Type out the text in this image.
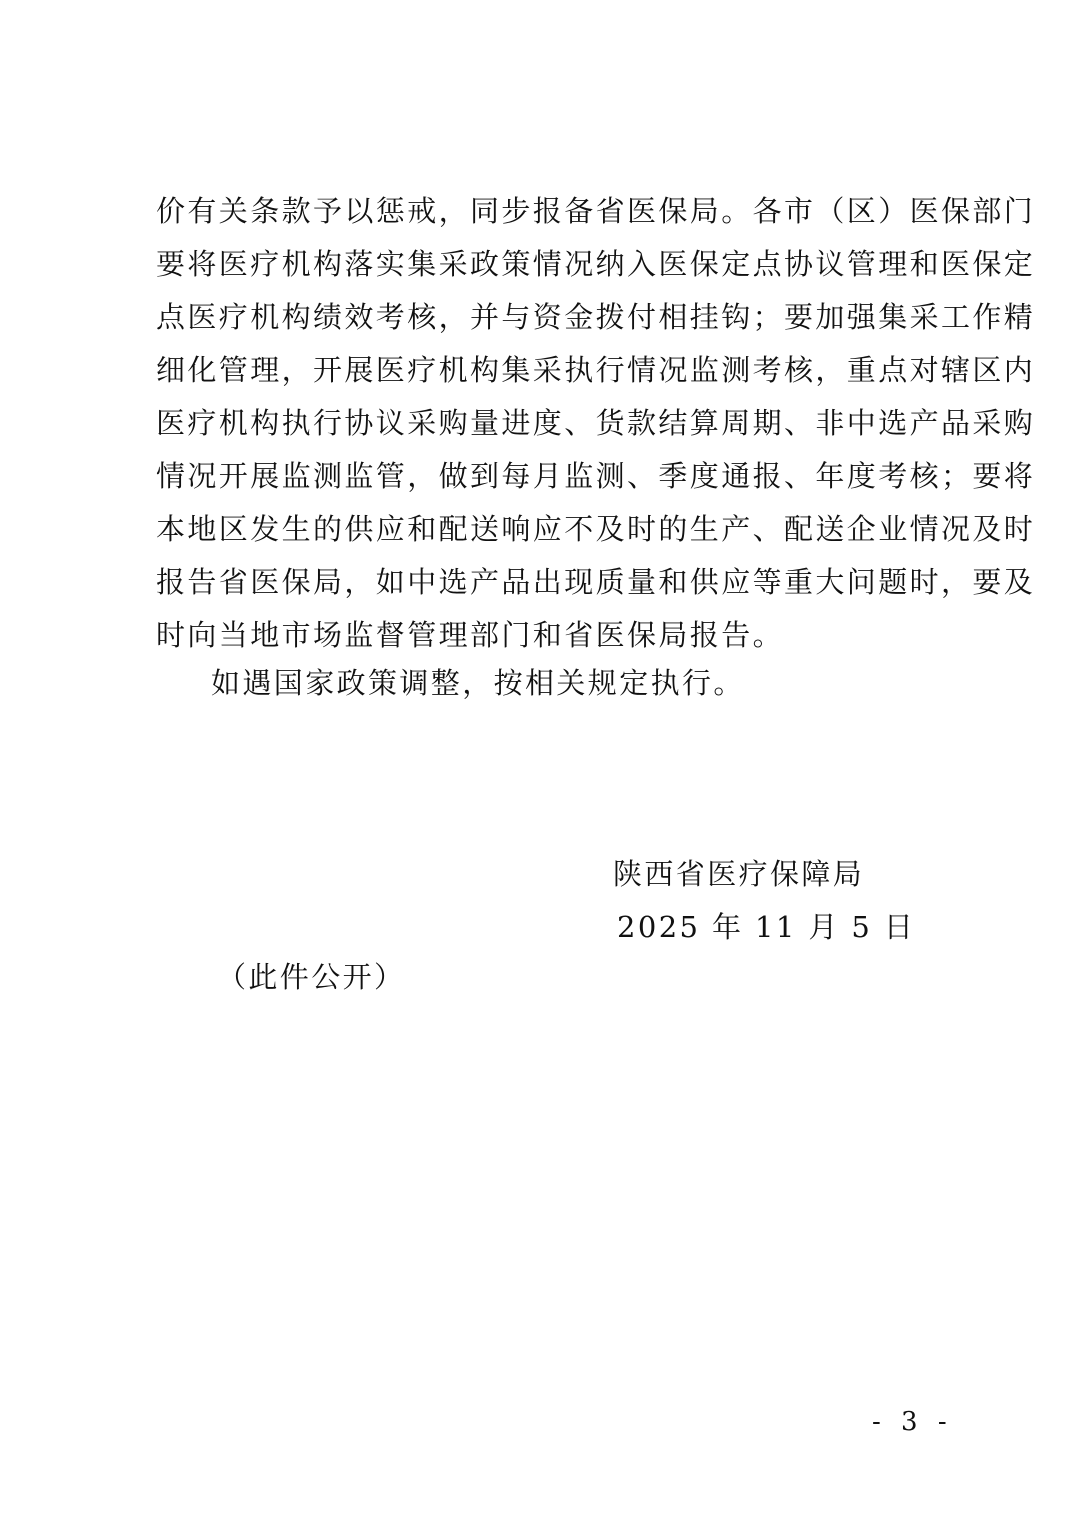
价有关条款予以惩戒，同步报备省医保局。各市（区）医保部门
要将医疗机构落实集采政策情况纳入医保定点协议管理和医保定
点医疗机构绩效考核，并与资金拨付相挂钩；要加强集采工作精
细化管理，开展医疗机构集采执行情况监测考核，重点对辖区内
医疗机构执行协议采购量进度、货款结算周期、非中选产品采购
情况开展监测监管，做到每月监测、季度通报、年度考核；要将
本地区发生的供应和配送响应不及时的生产、配送企业情况及时
报告省医保局，如中选产品出现质量和供应等重大问题时，要及
时向当地市场监督管理部门和省医保局报告。
如遇国家政策调整，按相关规定执行。
陕西省医疗保障局
2025 年 11 月 5 日
（此件公开）
- 3 -
